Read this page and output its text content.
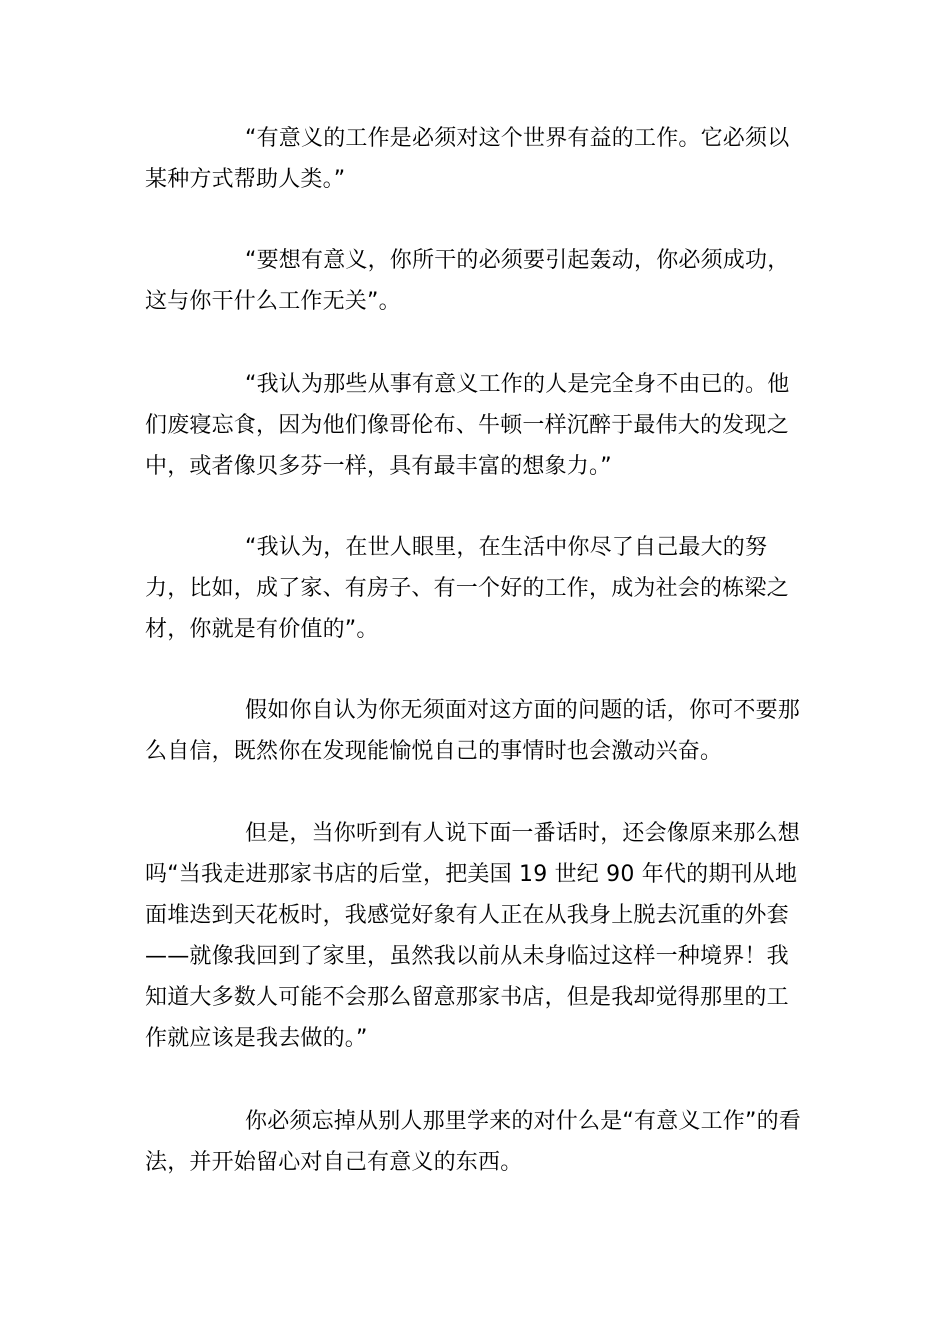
“有意义的工作是必须对这个世界有益的工作。它必须以某种方式帮助人类。”

“要想有意义，你所干的必须要引起轰动，你必须成功，这与你干什么工作无关”。

“我认为那些从事有意义工作的人是完全身不由已的。他们废寝忘食，因为他们像哥伦布、牛顿一样沉醉于最伟大的发现之中，或者像贝多芬一样，具有最丰富的想象力。”

“我认为，在世人眼里，在生活中你尽了自己最大的努力，比如，成了家、有房子、有一个好的工作，成为社会的栋梁之材，你就是有价值的”。

假如你自认为你无须面对这方面的问题的话，你可不要那么自信，既然你在发现能愉悦自己的事情时也会激动兴奋。

但是，当你听到有人说下面一番话时，还会像原来那么想吗“当我走进那家书店的后堂，把美国 19 世纪 90 年代的期刊从地面堆迭到天花板时，我感觉好象有人正在从我身上脱去沉重的外套——就像我回到了家里，虽然我以前从未身临过这样一种境界！我知道大多数人可能不会那么留意那家书店，但是我却觉得那里的工作就应该是我去做的。”

你必须忘掉从别人那里学来的对什么是“有意义工作”的看法，并开始留心对自己有意义的东西。
